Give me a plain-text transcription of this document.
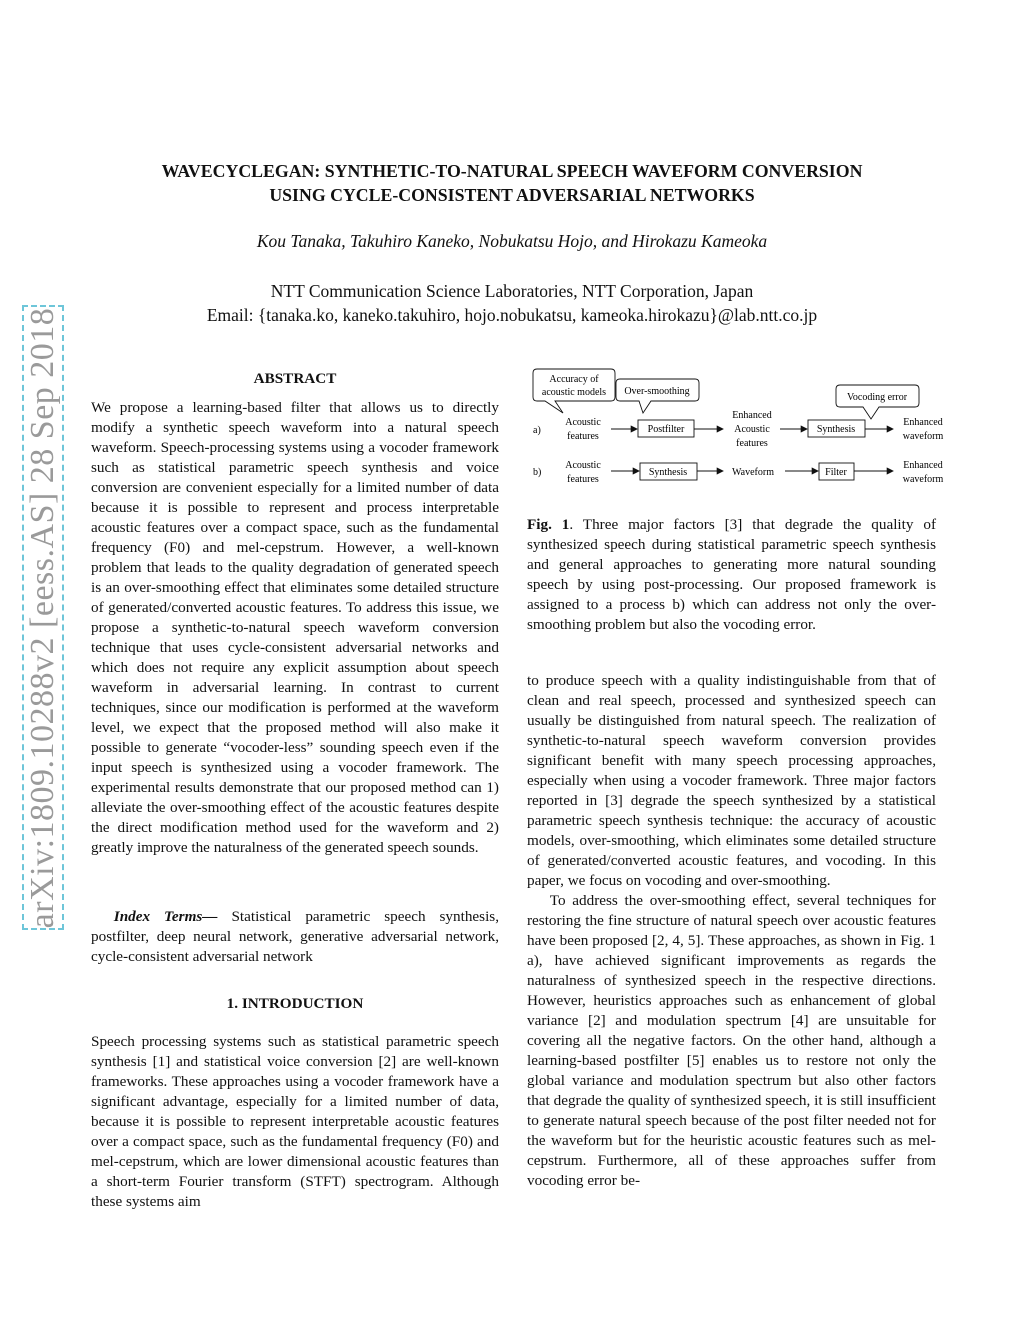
arXiv:1809.10288v2 [eess.AS] 28 Sep 2018
WAVECYCLEGAN: SYNTHETIC-TO-NATURAL SPEECH WAVEFORM CONVERSION
USING CYCLE-CONSISTENT ADVERSARIAL NETWORKS
Kou Tanaka, Takuhiro Kaneko, Nobukatsu Hojo, and Hirokazu Kameoka
NTT Communication Science Laboratories, NTT Corporation, Japan
Email: {tanaka.ko, kaneko.takuhiro, hojo.nobukatsu, kameoka.hirokazu}@lab.ntt.co.jp
ABSTRACT

We propose a learning-based filter that allows us to directly modify a synthetic speech waveform into a natural speech waveform. Speech-processing systems using a vocoder framework such as statistical parametric speech synthesis and voice conversion are convenient especially for a limited number of data because it is possible to represent and process interpretable acoustic features over a compact space, such as the fundamental frequency (F0) and mel-cepstrum. However, a well-known problem that leads to the quality degradation of generated speech is an over-smoothing effect that eliminates some detailed structure of generated/converted acoustic features. To address this issue, we propose a synthetic-to-natural speech waveform conversion technique that uses cycle-consistent adversarial networks and which does not require any explicit assumption about speech waveform in adversarial learning. In contrast to current techniques, since our modification is performed at the waveform level, we expect that the proposed method will also make it possible to generate “vocoder-less” sounding speech even if the input speech is synthesized using a vocoder framework. The experimental results demonstrate that our proposed method can 1) alleviate the over-smoothing effect of the acoustic features despite the direct modification method used for the waveform and 2) greatly improve the naturalness of the generated speech sounds.

Index Terms— Statistical parametric speech synthesis, postfilter, deep neural network, generative adversarial network, cycle-consistent adversarial network

1. INTRODUCTION

Speech processing systems such as statistical parametric speech synthesis [1] and statistical voice conversion [2] are well-known frameworks. These approaches using a vocoder framework have a significant advantage, especially for a limited number of data, because it is possible to represent interpretable acoustic features over a compact space, such as the fundamental frequency (F0) and mel-cepstrum, which are lower dimensional acoustic features than a short-term Fourier transform (STFT) spectrogram. Although these systems aim

Accuracy of
acoustic models Over-smoothing
Vocoding error
a)
Acoustic
features
Postfilter
Enhanced
Acoustic
features
Synthesis
Enhanced
waveform
b)
Acoustic
features
Synthesis	Waveform	Filter
Enhanced
waveform

Fig. 1. Three major factors [3] that degrade the quality of synthesized speech during statistical parametric speech synthesis and general approaches to generating more natural sounding speech by using post-processing. Our proposed framework is assigned to a process b) which can address not only the over-smoothing problem but also the vocoding error.

to produce speech with a quality indistinguishable from that of clean and real speech, processed and synthesized speech can usually be distinguished from natural speech. The realization of synthetic-to-natural speech waveform conversion provides significant benefit with many speech processing approaches, especially when using a vocoder framework. Three major factors reported in [3] degrade the speech synthesized by a statistical parametric speech synthesis technique: the accuracy of acoustic models, over-smoothing, which eliminates some detailed structure of generated/converted acoustic features, and vocoding. In this paper, we focus on vocoding and over-smoothing.

To address the over-smoothing effect, several techniques for restoring the fine structure of natural speech over acoustic features have been proposed [2, 4, 5]. These approaches, as shown in Fig. 1 a), have achieved significant improvements as regards the naturalness of synthesized speech in the respective directions. However, heuristics approaches such as enhancement of global variance [2] and modulation spectrum [4] are unsuitable for covering all the negative factors. On the other hand, although a learning-based postfilter [5] enables us to restore not only the global variance and modulation spectrum but also other factors that degrade the quality of synthesized speech, it is still insufficient to generate natural speech because of the post filter needed not for the waveform but for the heuristic acoustic features such as mel-cepstrum. Furthermore, all of these approaches suffer from vocoding error be-
